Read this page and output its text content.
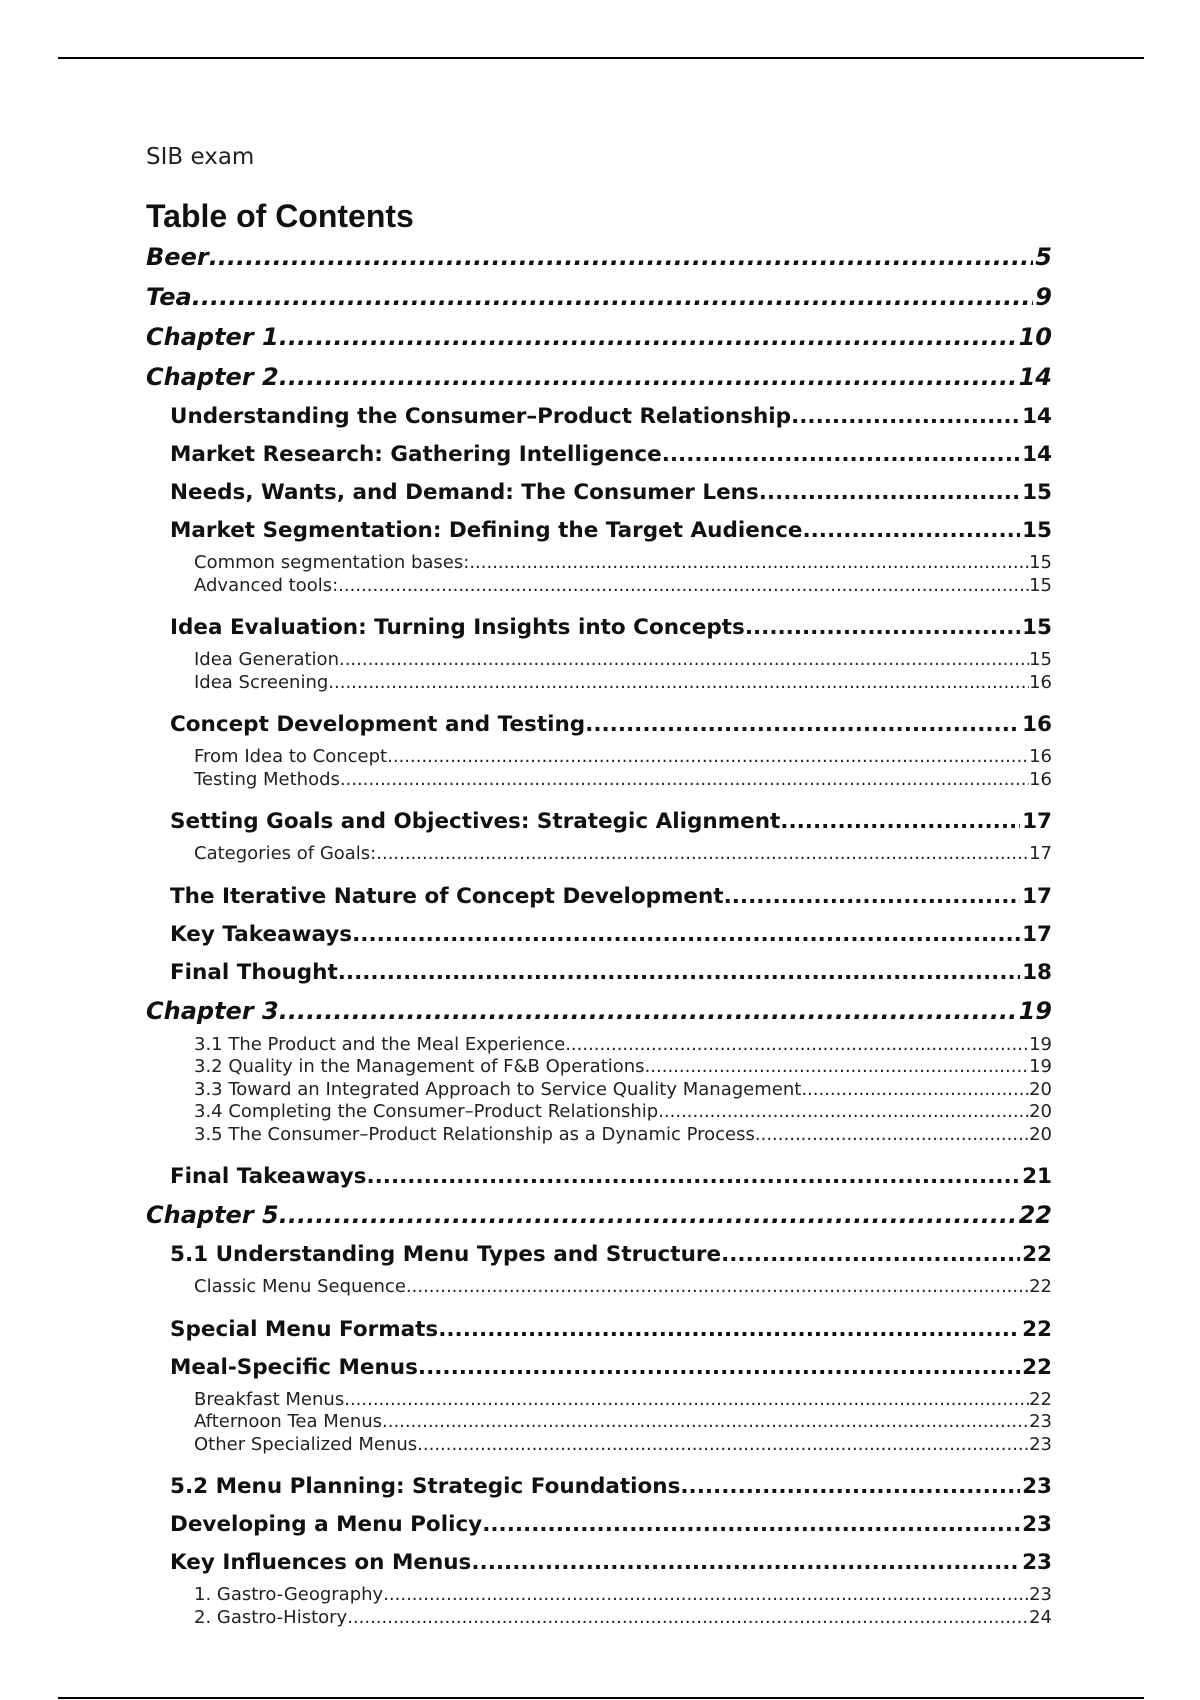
SIB exam
Table of Contents
Beer .....	5
Tea .....	9
Chapter 1 .....	10
Chapter 2 .....	14
Understanding the Consumer–Product Relationship .....	14
Market Research: Gathering Intelligence .....	14
Needs, Wants, and Demand: The Consumer Lens .....	15
Market Segmentation: Defining the Target Audience .....	15
Common segmentation bases: .....	15
Advanced tools: .....	15
Idea Evaluation: Turning Insights into Concepts .....	15
Idea Generation .....	15
Idea Screening .....	16
Concept Development and Testing .....	16
From Idea to Concept .....	16
Testing Methods .....	16
Setting Goals and Objectives: Strategic Alignment .....	17
Categories of Goals: .....	17
The Iterative Nature of Concept Development .....	17
Key Takeaways .....	17
Final Thought .....	18
Chapter 3 .....	19
3.1 The Product and the Meal Experience .....	19
3.2 Quality in the Management of F&B Operations .....	19
3.3 Toward an Integrated Approach to Service Quality Management .....	20
3.4 Completing the Consumer–Product Relationship .....	20
3.5 The Consumer–Product Relationship as a Dynamic Process .....	20
Final Takeaways .....	21
Chapter 5 .....	22
5.1 Understanding Menu Types and Structure .....	22
Classic Menu Sequence .....	22
Special Menu Formats .....	22
Meal-Specific Menus .....	22
Breakfast Menus .....	22
Afternoon Tea Menus .....	23
Other Specialized Menus .....	23
5.2 Menu Planning: Strategic Foundations .....	23
Developing a Menu Policy .....	23
Key Influences on Menus .....	23
1. Gastro-Geography .....	23
2. Gastro-History .....	24
